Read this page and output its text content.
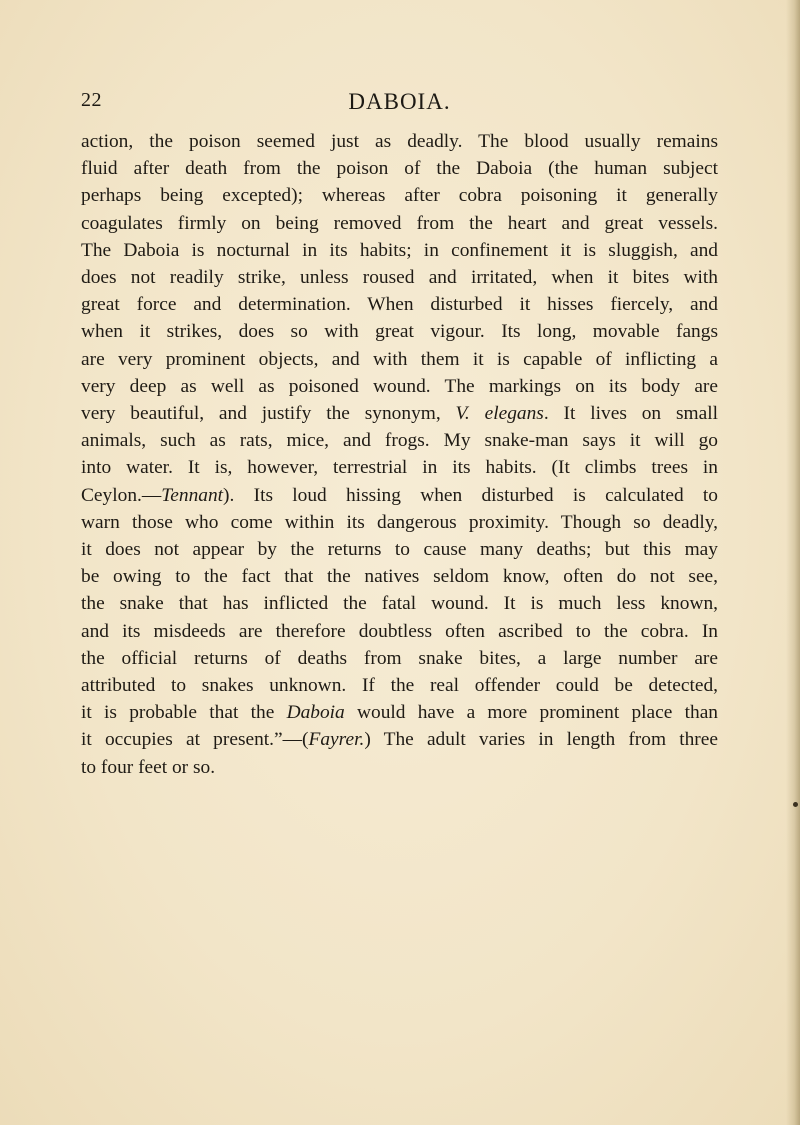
22	DABOIA.
action, the poison seemed just as deadly. The blood usually remains
fluid after death from the poison of the Daboia (the human subject
perhaps being excepted); whereas after cobra poisoning it generally
coagulates firmly on being removed from the heart and great vessels.
The Daboia is nocturnal in its habits; in confinement it is sluggish, and
does not readily strike, unless roused and irritated, when it bites with
great force and determination. When disturbed it hisses fiercely, and
when it strikes, does so with great vigour. Its long, movable fangs
are very prominent objects, and with them it is capable of inflicting a
very deep as well as poisoned wound. The markings on its body are
very beautiful, and justify the synonym, V. elegans. It lives on small
animals, such as rats, mice, and frogs. My snake-man says it will go
into water. It is, however, terrestrial in its habits. (It climbs trees in
Ceylon.—Tennant). Its loud hissing when disturbed is calculated to
warn those who come within its dangerous proximity. Though so deadly,
it does not appear by the returns to cause many deaths; but this may
be owing to the fact that the natives seldom know, often do not see,
the snake that has inflicted the fatal wound. It is much less known,
and its misdeeds are therefore doubtless often ascribed to the cobra. In
the official returns of deaths from snake bites, a large number are
attributed to snakes unknown. If the real offender could be detected,
it is probable that the Daboia would have a more prominent place than
it occupies at present.”—(Fayrer.) The adult varies in length from three
to four feet or so.
